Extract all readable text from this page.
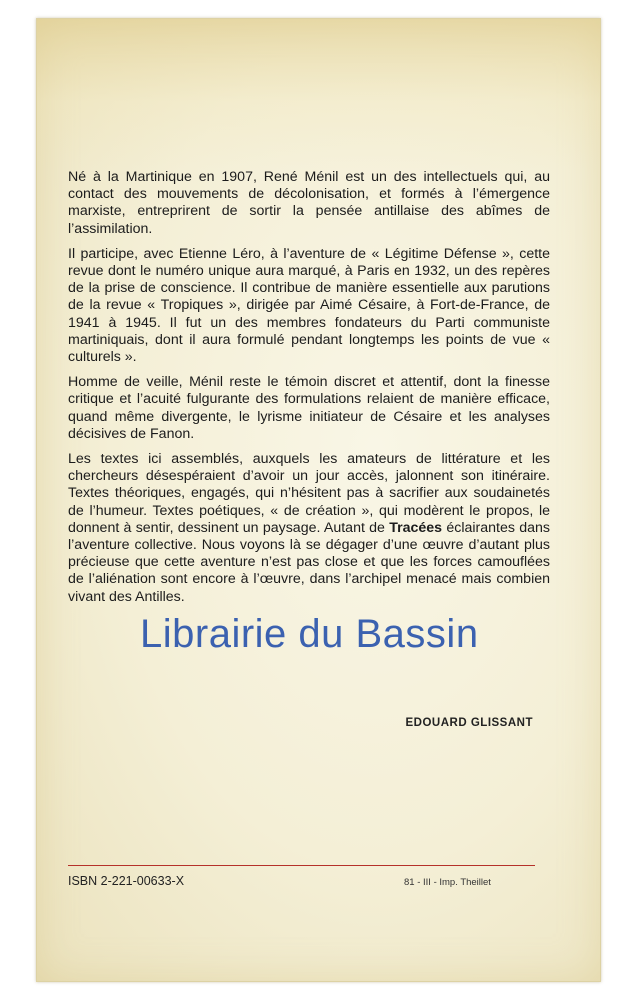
Né à la Martinique en 1907, René Ménil est un des intellectuels qui, au contact des mouvements de décolonisation, et formés à l’émergence marxiste, entreprirent de sortir la pensée antillaise des abîmes de l’assimilation.

Il participe, avec Etienne Léro, à l’aventure de « Légitime Défense », cette revue dont le numéro unique aura marqué, à Paris en 1932, un des repères de la prise de conscience. Il contribue de manière essentielle aux parutions de la revue « Tropiques », dirigée par Aimé Césaire, à Fort-de-France, de 1941 à 1945. Il fut un des membres fondateurs du Parti communiste martiniquais, dont il aura formulé pendant longtemps les points de vue « culturels ».

Homme de veille, Ménil reste le témoin discret et attentif, dont la finesse critique et l’acuité fulgurante des formulations relaient de manière efficace, quand même divergente, le lyrisme initiateur de Césaire et les analyses décisives de Fanon.

Les textes ici assemblés, auxquels les amateurs de littérature et les chercheurs désespéraient d’avoir un jour accès, jalonnent son itinéraire. Textes théoriques, engagés, qui n’hésitent pas à sacrifier aux soudainetés de l’humeur. Textes poétiques, « de création », qui modèrent le propos, le donnent à sentir, dessinent un paysage. Autant de Tracées éclairantes dans l’aventure collective. Nous voyons là se dégager d’une œuvre d’autant plus précieuse que cette aventure n’est pas close et que les forces camouflées de l’aliénation sont encore à l’œuvre, dans l’archipel menacé mais combien vivant des Antilles.

EDOUARD GLISSANT
ISBN 2-221-00633-X	81 - III - Imp. Theillet
Librairie du Bassin
